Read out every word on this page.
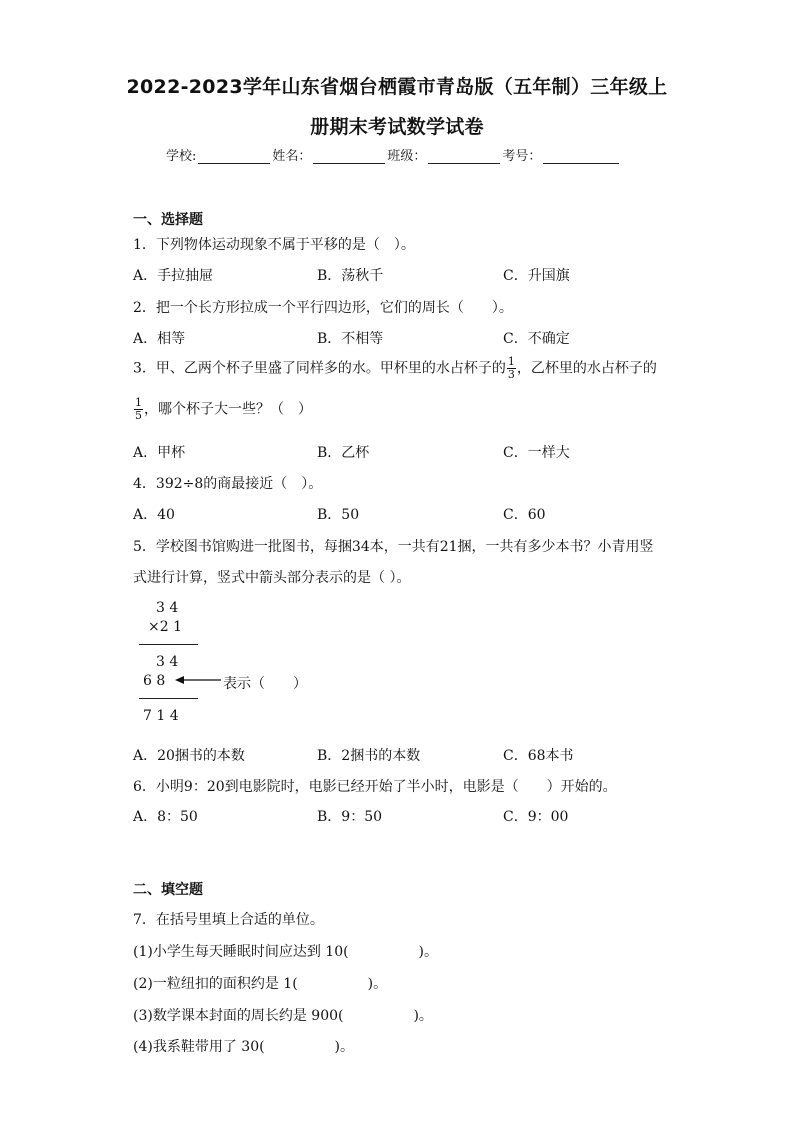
2022-2023学年山东省烟台栖霞市青岛版（五年制）三年级上
册期末考试数学试卷
学校:	姓名：	班级：	考号：
一、选择题
1．下列物体运动现象不属于平移的是（　）。
A．手拉抽屉	B．荡秋千	C．升国旗
2．把一个长方形拉成一个平行四边形，它们的周长（　　）。
A．相等	B．不相等	C．不确定
3．甲、乙两个杯子里盛了同样多的水。甲杯里的水占杯子的 $\frac{1}{3}$ ，乙杯里的水占杯子的
$\frac{1}{5}$ ，哪个杯子大一些？（　）
A．甲杯	B．乙杯	C．一样大
4．392÷8的商最接近（　）。
A．40	B．50	C．60
5．学校图书馆购进一批图书，每捆34本，一共有21捆，一共有多少本书？小青用竖
式进行计算，竖式中箭头部分表示的是（ ）。
3 4
×2 1
3 4
6 8	表示（　　）
7 1 4
A．20捆书的本数	B．2捆书的本数	C．68本书
6．小明9：20到电影院时，电影已经开始了半小时，电影是（　　）开始的。
A．8：50	B．9：50	C．9：00
二、填空题
7．在括号里填上合适的单位。
(1)小学生每天睡眠时间应达到 10(　　　　　)。
(2)一粒纽扣的面积约是 1(　　　　　)。
(3)数学课本封面的周长约是 900(　　　　　)。
(4)我系鞋带用了 30(　　　　　)。
